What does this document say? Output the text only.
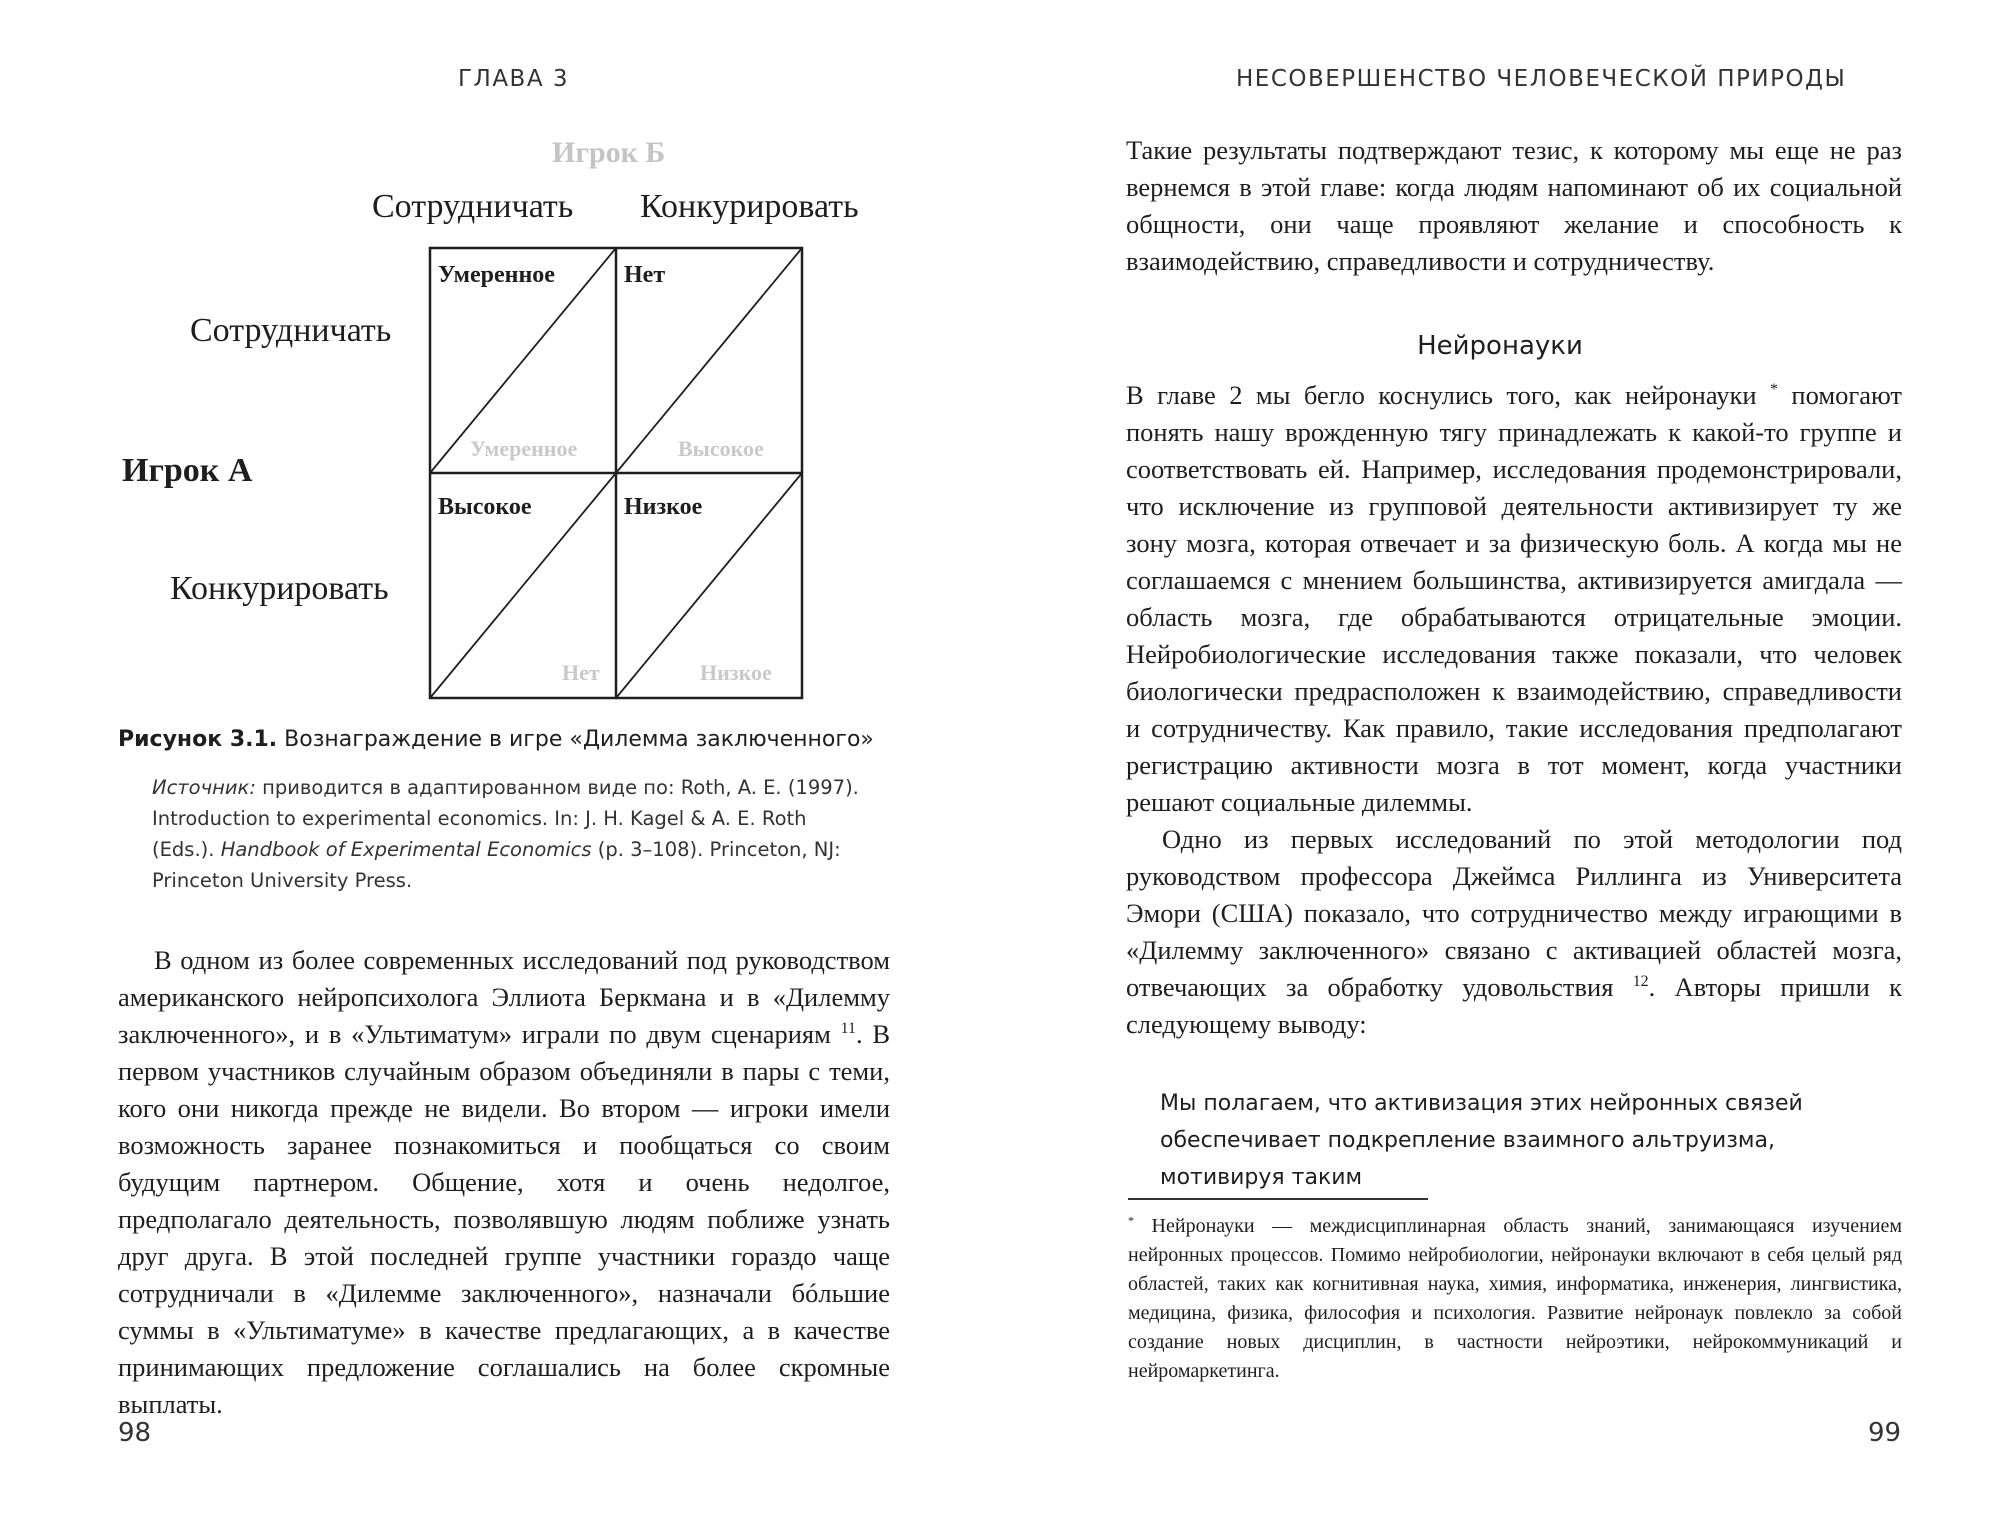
ГЛАВА 3
Игрок Б
Сотрудничать Конкурировать
Сотрудничать
Игрок А
Конкурировать
Умеренное
Умеренное
Нет
Высокое
Высокое
Нет
Низкое
Низкое
Рисунок 3.1. Вознаграждение в игре «Дилемма заключенного»
Источник: приводится в адаптированном виде по: Roth, A. E. (1997). Introduction to experimental economics. In: J. H. Kagel & A. E. Roth (Eds.). Handbook of Experimental Economics (p. 3–108). Princeton, NJ: Princeton University Press.

В одном из более современных исследований под руководством американского нейропсихолога Эллиота Беркмана и в «Дилемму заключенного», и в «Ультиматум» играли по двум сценариям $^{11}$. В первом участников случайным образом объединяли в пары с теми, кого они никогда прежде не видели. Во втором — игроки имели возможность заранее познакомиться и пообщаться со своим будущим партнером. Общение, хотя и очень недолгое, предполагало деятельность, позволявшую людям поближе узнать друг друга. В этой последней группе участники гораздо чаще сотрудничали в «Дилемме заключенного», назначали бóльшие суммы в «Ультиматуме» в качестве предлагающих, а в качестве принимающих предложение соглашались на более скромные выплаты.

98
НЕСОВЕРШЕНСТВО ЧЕЛОВЕЧЕСКОЙ ПРИРОДЫ

Такие результаты подтверждают тезис, к которому мы еще не раз вернемся в этой главе: когда людям напоминают об их социальной общности, они чаще проявляют желание и способность к взаимодействию, справедливости и сотрудничеству.

Нейронауки

В главе 2 мы бегло коснулись того, как нейронауки * помогают понять нашу врожденную тягу принадлежать к какой-то группе и соответствовать ей. Например, исследования продемонстрировали, что исключение из групповой деятельности активизирует ту же зону мозга, которая отвечает и за физическую боль. А когда мы не соглашаемся с мнением большинства, активизируется амигдала — область мозга, где обрабатываются отрицательные эмоции. Нейробиологические исследования также показали, что человек биологически предрасположен к взаимодействию, справедливости и сотрудничеству. Как правило, такие исследования предполагают регистрацию активности мозга в тот момент, когда участники решают социальные дилеммы.

Одно из первых исследований по этой методологии под руководством профессора Джеймса Риллинга из Университета Эмори (США) показало, что сотрудничество между играющими в «Дилемму заключенного» связано с активацией областей мозга, отвечающих за обработку удовольствия $^{12}$. Авторы пришли к следующему выводу:

Мы полагаем, что активизация этих нейронных связей обеспечивает подкрепление взаимного альтруизма, мотивируя таким

* Нейронауки — междисциплинарная область знаний, занимающаяся изучением нейронных процессов. Помимо нейробиологии, нейронауки включают в себя целый ряд областей, таких как когнитивная наука, химия, информатика, инженерия, лингвистика, медицина, физика, философия и психология. Развитие нейронаук повлекло за собой создание новых дисциплин, в частности нейроэтики, нейрокоммуникаций и нейромаркетинга.

99
